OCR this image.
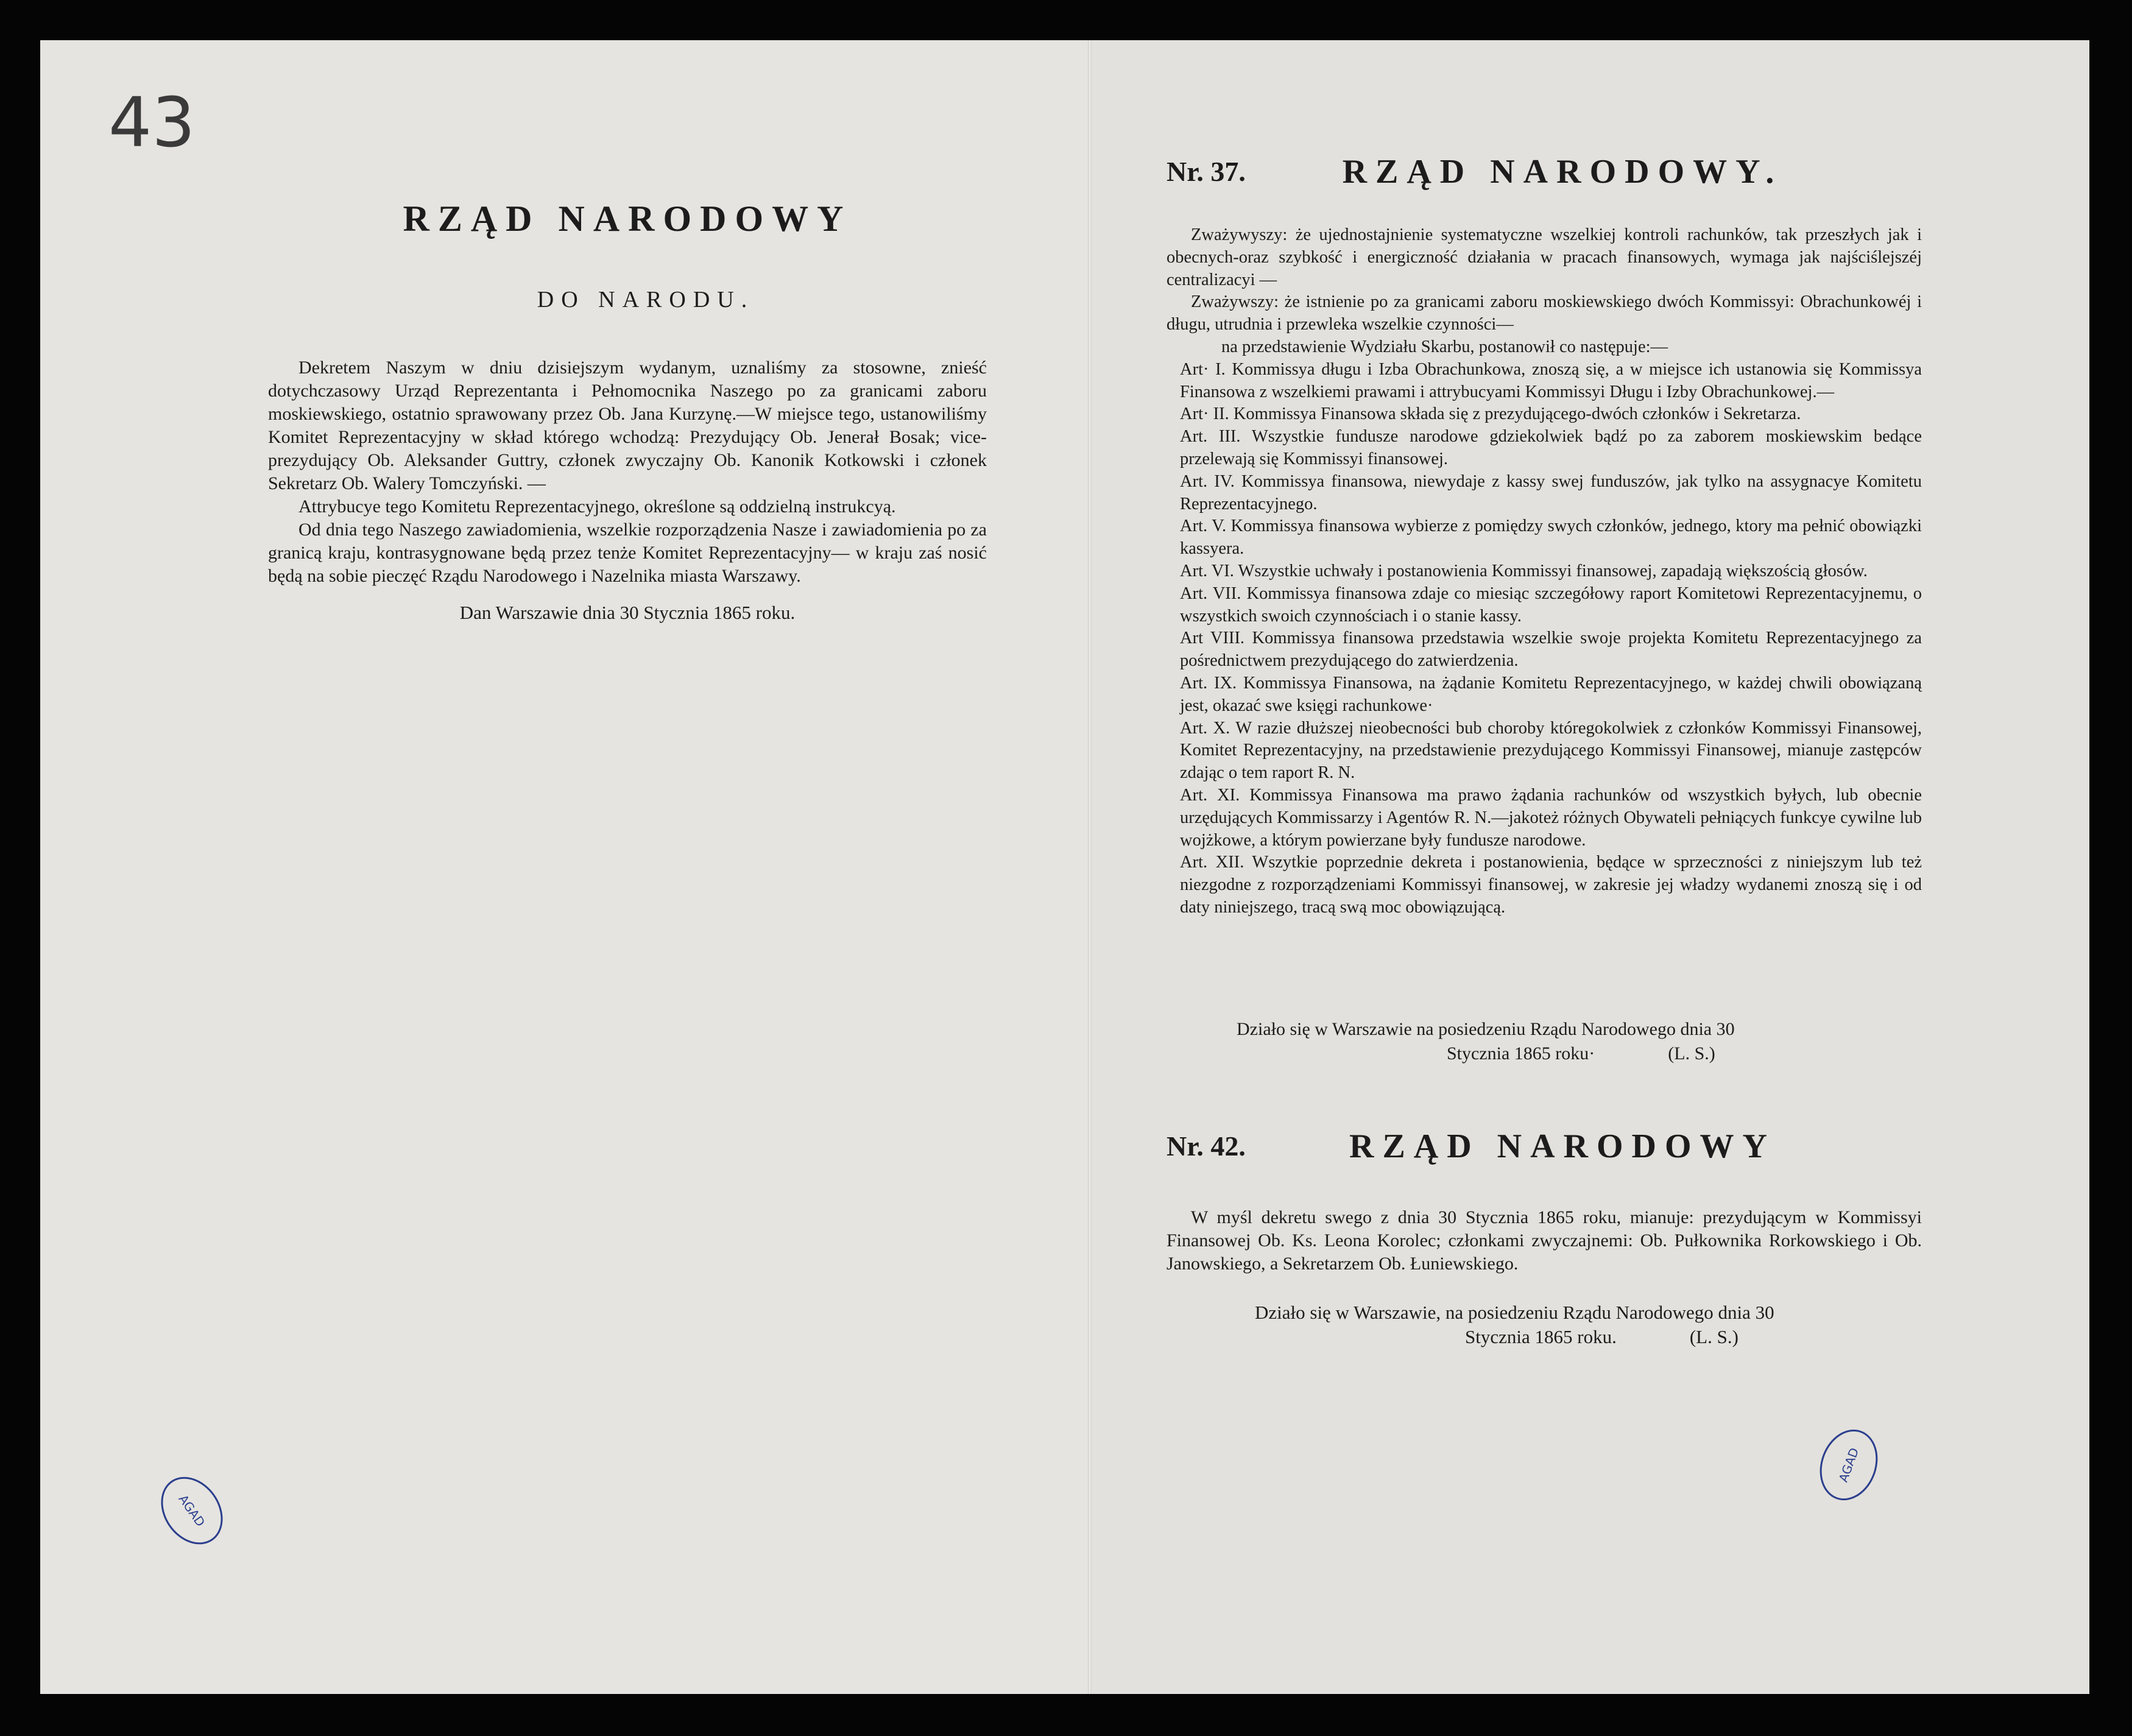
43
RZĄD NARODOWY
DO NARODU.

Dekretem Naszym w dniu dzisiejszym wydanym, uznaliśmy za stosowne, znieść dotychczasowy Urząd Reprezentanta i Pełnomocnika Naszego po za granicami zaboru moskiewskiego, ostatnio sprawowany przez Ob. Jana Kurzynę.—W miejsce tego, ustanowiliśmy Komitet Reprezentacyjny w skład którego wchodzą: Prezydujący Ob. Jenerał Bosak; vice-prezydujący Ob. Aleksander Guttry, członek zwyczajny Ob. Kanonik Kotkowski i członek Sekretarz Ob. Walery Tomczyński. —

Attrybucye tego Komitetu Reprezentacyjnego, określone są oddzielną instrukcyą.

Od dnia tego Naszego zawiadomienia, wszelkie rozporządzenia Nasze i zawiadomienia po za granicą kraju, kontrasygnowane będą przez tenże Komitet Reprezentacyjny— w kraju zaś nosić będą na sobie pieczęć Rządu Narodowego i Nazelnika miasta Warszawy.

Dan Warszawie dnia 30 Stycznia 1865 roku.
Nr. 37.	RZĄD NARODOWY.

Zważywyszy: że ujednostajnienie systematyczne wszelkiej kontroli rachunków, tak przeszłych jak i obecnych-oraz szybkość i energiczność działania w pracach finansowych, wymaga jak najściślejszéj centralizacyi —

Zważywszy: że istnienie po za granicami zaboru moskiewskiego dwóch Kommissyi: Obrachunkowéj i długu, utrudnia i przewleka wszelkie czynności—

na przedstawienie Wydziału Skarbu, postanowił co następuje:—

Art· I. Kommissya długu i Izba Obrachunkowa, znoszą się, a w miejsce ich ustanowia się Kommissya Finansowa z wszelkiemi prawami i attrybucyami Kommissyi Długu i Izby Obrachunkowej.—

Art· II. Kommissya Finansowa składa się z prezydującego-dwóch członków i Sekretarza.

Art. III. Wszystkie fundusze narodowe gdziekolwiek bądź po za zaborem moskiewskim bedące przelewają się Kommissyi finansowej.

Art. IV. Kommissya finansowa, niewydaje z kassy swej funduszów, jak tylko na assygnacye Komitetu Reprezentacyjnego.

Art. V. Kommissya finansowa wybierze z pomiędzy swych członków, jednego, ktory ma pełnić obowiązki kassyera.

Art. VI. Wszystkie uchwały i postanowienia Kommissyi finansowej, zapadają większością głosów.

Art. VII. Kommissya finansowa zdaje co miesiąc szczegółowy raport Komitetowi Reprezentacyjnemu, o wszystkich swoich czynnościach i o stanie kassy.

Art VIII. Kommissya finansowa przedstawia wszelkie swoje projekta Komitetu Reprezentacyjnego za pośrednictwem prezydującego do zatwierdzenia.

Art. IX. Kommissya Finansowa, na żądanie Komitetu Reprezentacyjnego, w każdej chwili obowiązaną jest, okazać swe księgi rachunkowe·

Art. X. W razie dłuższej nieobecności bub choroby któregokolwiek z członków Kommissyi Finansowej, Komitet Reprezentacyjny, na przedstawienie prezydującego Kommissyi Finansowej, mianuje zastępców zdając o tem raport R. N.

Art. XI. Kommissya Finansowa ma prawo żądania rachunków od wszystkich byłych, lub obecnie urzędujących Kommissarzy i Agentów R. N.—jakoteż różnych Obywateli pełniących funkcye cywilne lub wojżkowe, a którym powierzane były fundusze narodowe.

Art. XII. Wszytkie poprzednie dekreta i postanowienia, będące w sprzeczności z niniejszym lub też niezgodne z rozporządzeniami Kommissyi finansowej, w zakresie jej władzy wydanemi znoszą się i od daty niniejszego, tracą swą moc obowiązującą.

Działo się w Warszawie na posiedzeniu Rządu Narodowego dnia 30
Stycznia 1865 roku·	(L. S.)
Nr. 42.	RZĄD NARODOWY

W myśl dekretu swego z dnia 30 Stycznia 1865 roku, mianuje: prezydującym w Kommissyi Finansowej Ob. Ks. Leona Korolec; członkami zwyczajnemi: Ob. Pułkownika Rorkowskiego i Ob. Janowskiego, a Sekretarzem Ob. Łuniewskiego.

Działo się w Warszawie, na posiedzeniu Rządu Narodowego dnia 30
Stycznia 1865 roku.	(L. S.)
AGAD
AGAD
